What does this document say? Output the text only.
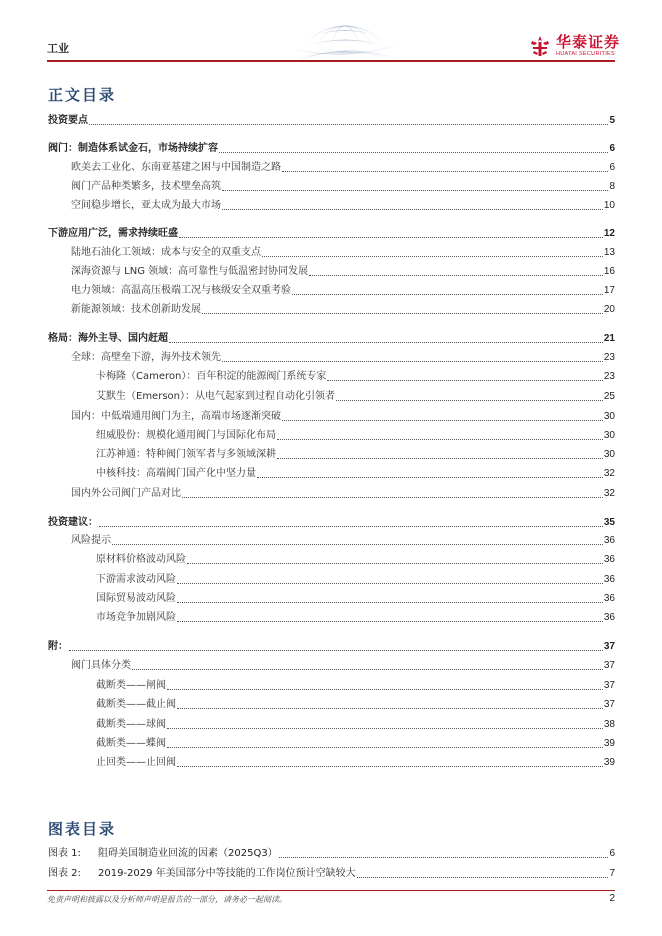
工业	华泰证券
HUATAI SECURITIES
正文目录
投资要点	5
阀门：制造体系试金石，市场持续扩容	6
欧美去工业化、东南亚基建之困与中国制造之路	6
阀门产品种类繁多，技术壁垒高筑	8
空间稳步增长，亚太成为最大市场	10
下游应用广泛，需求持续旺盛	12
陆地石油化工领域：成本与安全的双重支点	13
深海资源与 LNG 领域：高可靠性与低温密封协同发展	16
电力领域：高温高压极端工况与核级安全双重考验	17
新能源领域：技术创新助发展	20
格局：海外主导、国内赶超	21
全球：高壁垒下游，海外技术领先	23
卡梅隆（Cameron）：百年积淀的能源阀门系统专家	23
艾默生（Emerson）：从电气起家到过程自动化引领者	25
国内：中低端通用阀门为主，高端市场逐渐突破	30
纽威股份：规模化通用阀门与国际化布局	30
江苏神通：特种阀门领军者与多领域深耕	30
中核科技：高端阀门国产化中坚力量	32
国内外公司阀门产品对比	32
投资建议：	35
风险提示	36
原材料价格波动风险	36
下游需求波动风险	36
国际贸易波动风险	36
市场竞争加剧风险	36
附：	37
阀门具体分类	37
截断类——闸阀	37
截断类——截止阀	37
截断类——球阀	38
截断类——蝶阀	39
止回类——止回阀	39
图表目录
图表 1:	阻碍美国制造业回流的因素（2025Q3）	6
图表 2:	2019-2029 年美国部分中等技能的工作岗位预计空缺较大	7
免责声明和披露以及分析师声明是报告的一部分，请务必一起阅读。	2
